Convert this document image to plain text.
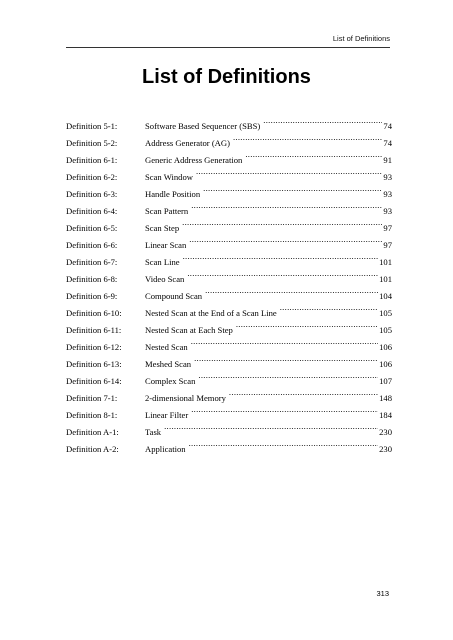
List of Definitions
List of Definitions
Definition 5-1:	Software Based Sequencer (SBS) .....	74
Definition 5-2:	Address Generator (AG) .....	74
Definition 6-1:	Generic Address Generation .....	91
Definition 6-2:	Scan Window .....	93
Definition 6-3:	Handle Position .....	93
Definition 6-4:	Scan Pattern .....	93
Definition 6-5:	Scan Step .....	97
Definition 6-6:	Linear Scan .....	97
Definition 6-7:	Scan Line .....	101
Definition 6-8:	Video Scan .....	101
Definition 6-9:	Compound Scan .....	104
Definition 6-10:	Nested Scan at the End of a Scan Line .....	105
Definition 6-11:	Nested Scan at Each Step .....	105
Definition 6-12:	Nested Scan .....	106
Definition 6-13:	Meshed Scan .....	106
Definition 6-14:	Complex Scan .....	107
Definition 7-1:	2-dimensional Memory .....	148
Definition 8-1:	Linear Filter .....	184
Definition A-1:	Task .....	230
Definition A-2:	Application .....	230
313
